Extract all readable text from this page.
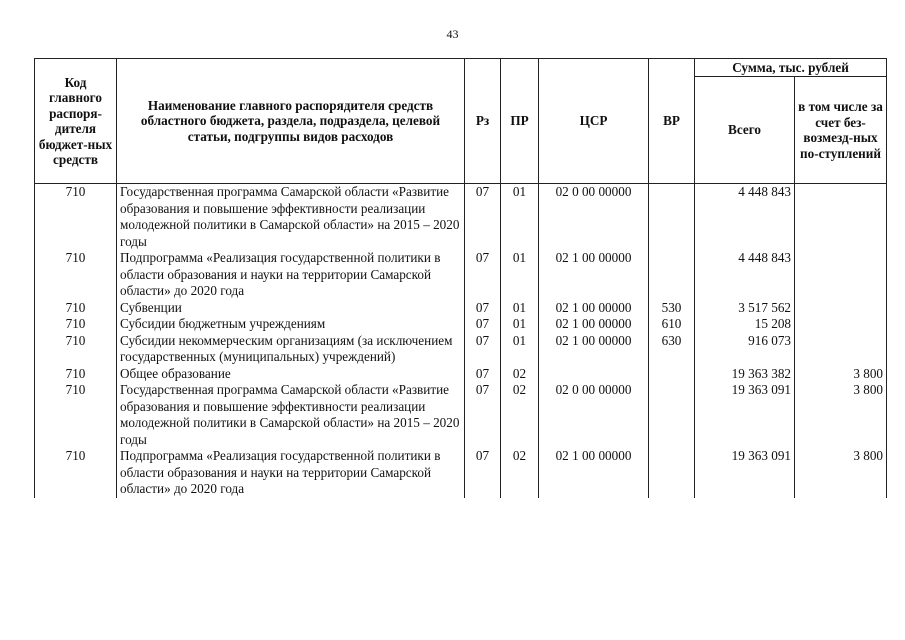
43
Код главного распоря-дителя бюджет-ных средств	Наименование главного распорядителя средств областного бюджета, раздела, подраздела, целевой статьи, подгруппы видов расходов	Рз	ПР	ЦСР	ВР	Сумма, тыс. рублей	
						Всего	в том числе за счет без-возмезд-ных по-ступлений
710	Государственная программа Самарской области «Развитие образования и повышение эффективности реализации молодежной политики в Самарской области» на 2015 – 2020 годы	07	01	02 0 00 00000		4 448 843	
710	Подпрограмма «Реализация государственной политики в области образования и науки на территории Самарской области» до 2020 года	07	01	02 1 00 00000		4 448 843	
710	Субвенции	07	01	02 1 00 00000	530	3 517 562	
710	Субсидии бюджетным учреждениям	07	01	02 1 00 00000	610	15 208	
710	Субсидии некоммерческим организациям (за исключением государственных (муниципальных) учреждений)	07	01	02 1 00 00000	630	916 073	
710	Общее образование	07	02			19 363 382	3 800
710	Государственная программа Самарской области «Развитие образования и повышение эффективности реализации молодежной политики в Самарской области» на 2015 – 2020 годы	07	02	02 0 00 00000		19 363 091	3 800
710	Подпрограмма «Реализация государственной политики в области образования и науки на территории Самарской области» до 2020 года	07	02	02 1 00 00000		19 363 091	3 800
